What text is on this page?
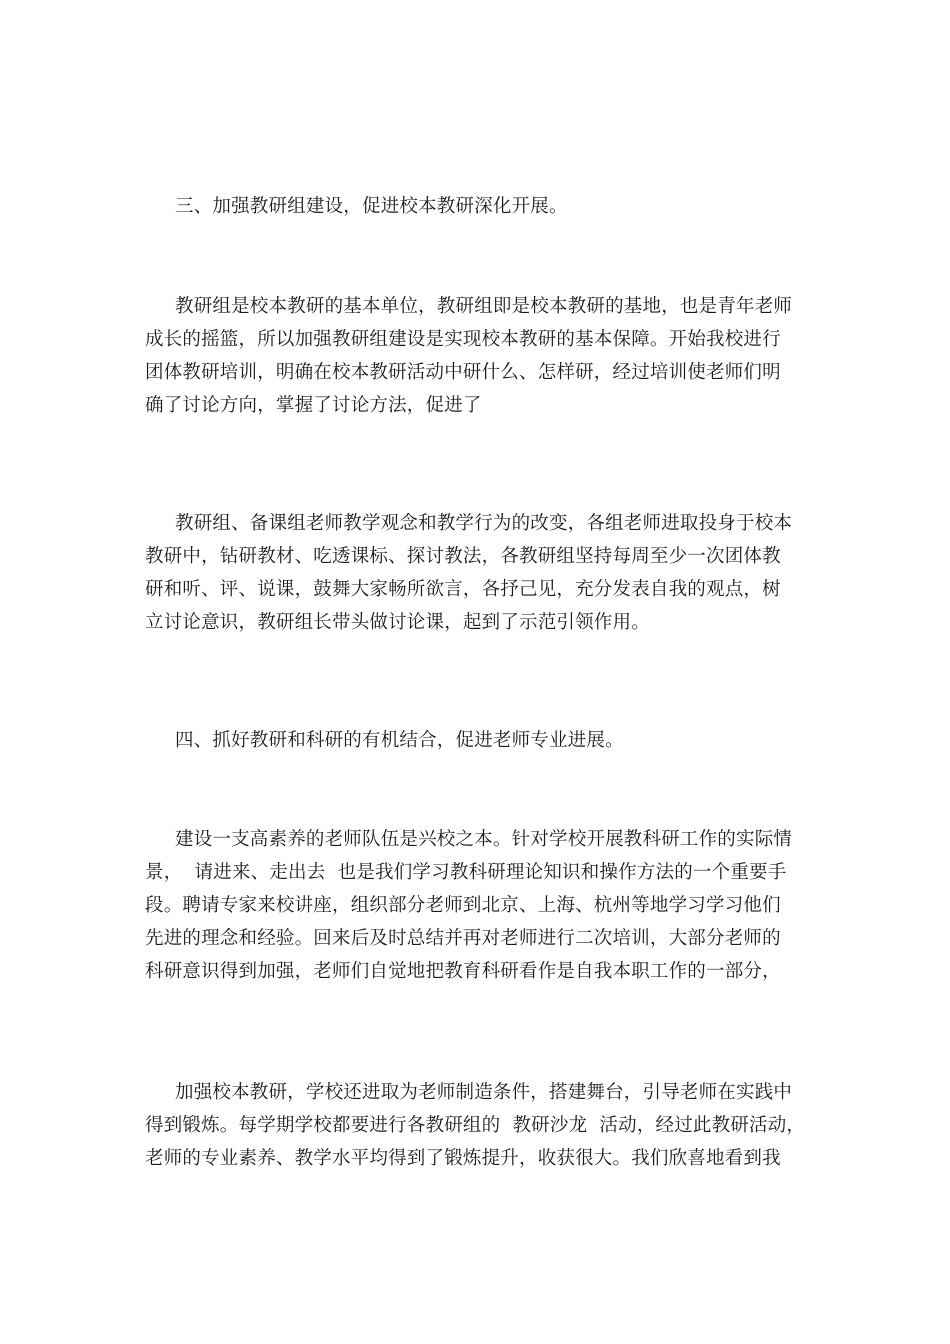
三、加强教研组建设，促进校本教研深化开展。
教研组是校本教研的基本单位，教研组即是校本教研的基地，也是青年老师
成长的摇篮，所以加强教研组建设是实现校本教研的基本保障。开始我校进行
团体教研培训，明确在校本教研活动中研什么、怎样研，经过培训使老师们明
确了讨论方向，掌握了讨论方法，促进了
教研组、备课组老师教学观念和教学行为的改变，各组老师进取投身于校本
教研中，钻研教材、吃透课标、探讨教法，各教研组坚持每周至少一次团体教
研和听、评、说课，鼓舞大家畅所欲言，各抒己见，充分发表自我的观点，树
立讨论意识，教研组长带头做讨论课，起到了示范引领作用。
四、抓好教研和科研的有机结合，促进老师专业进展。
建设一支高素养的老师队伍是兴校之本。针对学校开展教科研工作的实际情
景，  请进来、走出去  也是我们学习教科研理论知识和操作方法的一个重要手
段。聘请专家来校讲座，组织部分老师到北京、上海、杭州等地学习学习他们
先进的理念和经验。回来后及时总结并再对老师进行二次培训，大部分老师的
科研意识得到加强，老师们自觉地把教育科研看作是自我本职工作的一部分，
加强校本教研，学校还进取为老师制造条件，搭建舞台，引导老师在实践中
得到锻炼。每学期学校都要进行各教研组的  教研沙龙  活动，经过此教研活动，
老师的专业素养、教学水平均得到了锻炼提升，收获很大。我们欣喜地看到我
